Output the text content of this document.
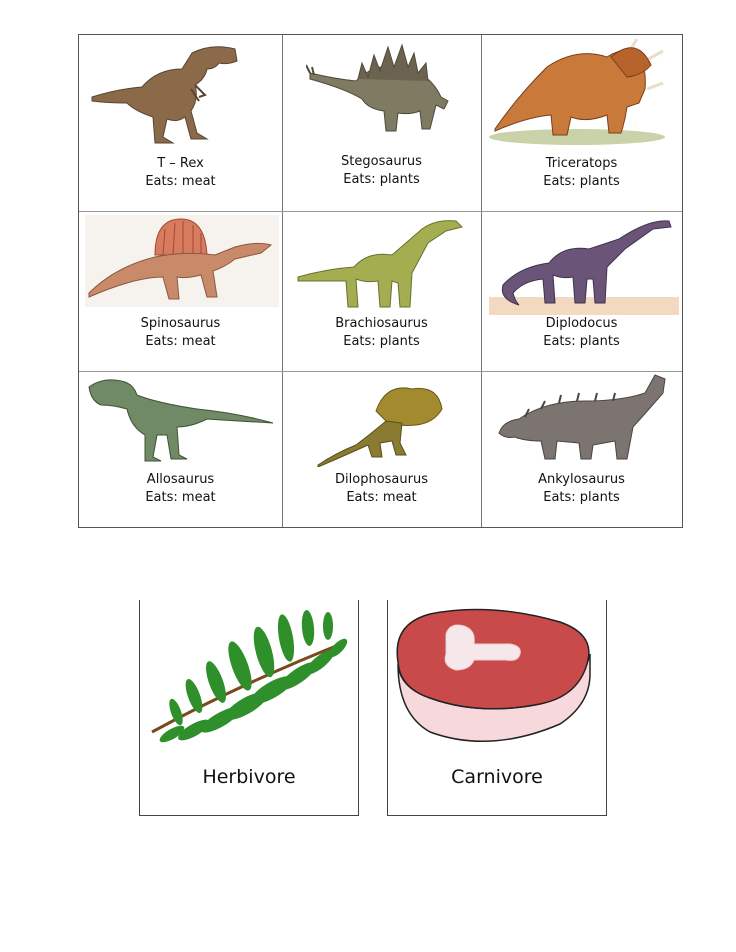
T – Rex
Eats: meat
Stegosaurus
Eats: plants
Triceratops
Eats: plants
Spinosaurus
Eats: meat
Brachiosaurus
Eats: plants
Diplodocus
Eats: plants
Allosaurus
Eats: meat
Dilophosaurus
Eats: meat
Ankylosaurus
Eats: plants
Herbivore	Carnivore
